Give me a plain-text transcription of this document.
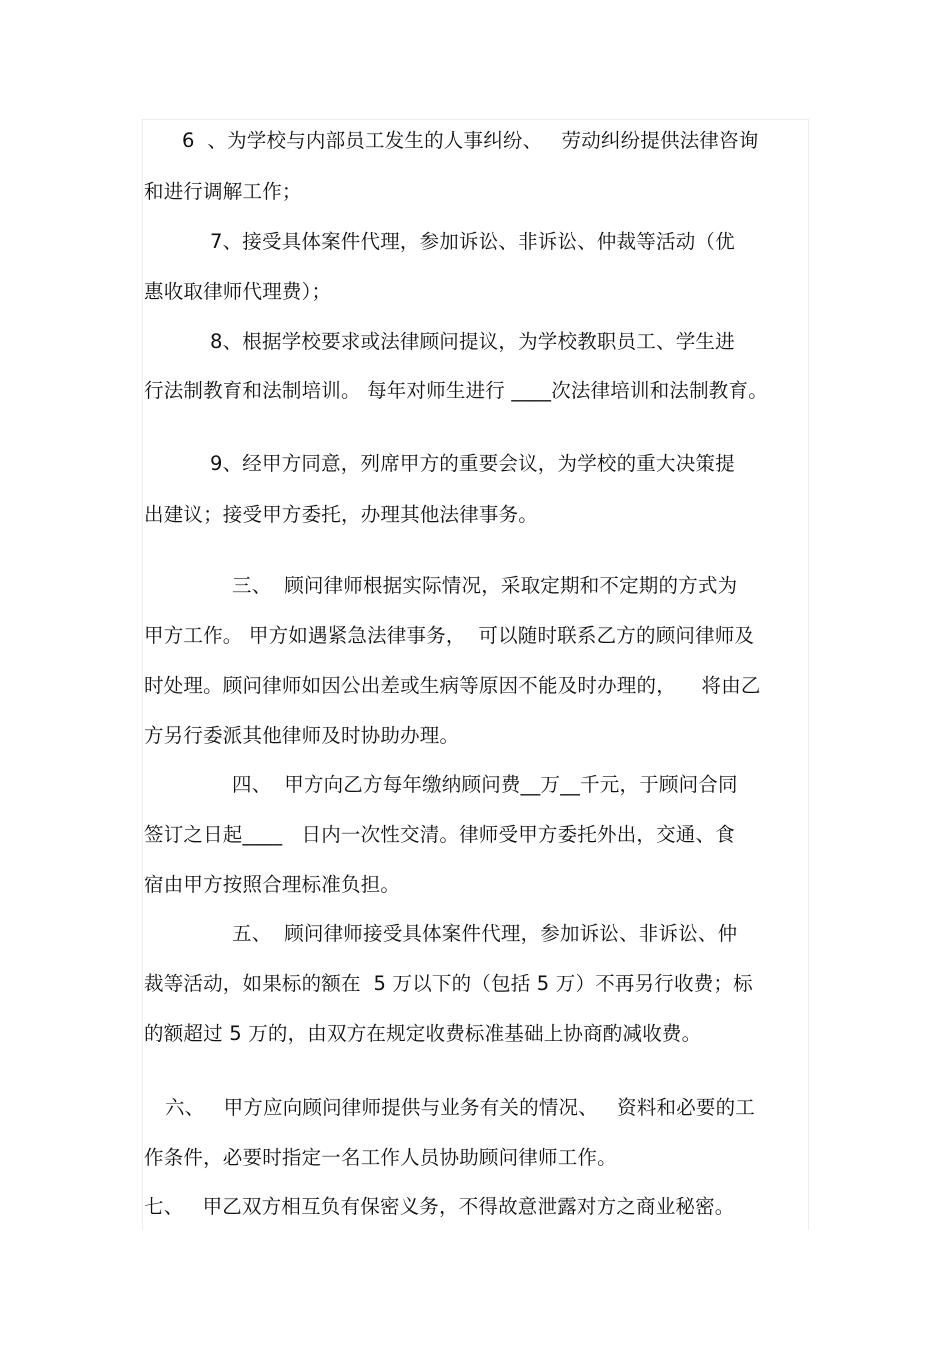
6  、为学校与内部员工发生的人事纠纷、   劳动纠纷提供法律咨询

和进行调解工作；

7、接受具体案件代理，参加诉讼、非诉讼、仲裁等活动（优

惠收取律师代理费）；

8、根据学校要求或法律顾问提议，为学校教职员工、学生进

行法制教育和法制培训。 每年对师生进行 ____次法律培训和法制教育。

9、经甲方同意，列席甲方的重要会议，为学校的重大决策提

出建议；接受甲方委托，办理其他法律事务。

三、  顾问律师根据实际情况，采取定期和不定期的方式为

甲方工作。 甲方如遇紧急法律事务，  可以随时联系乙方的顾问律师及

时处理。顾问律师如因公出差或生病等原因不能及时办理的，    将由乙

方另行委派其他律师及时协助办理。

四、  甲方向乙方每年缴纳顾问费__万__千元，于顾问合同

签订之日起____   日内一次性交清。律师受甲方委托外出，交通、食

宿由甲方按照合理标准负担。

五、  顾问律师接受具体案件代理，参加诉讼、非诉讼、仲

裁等活动，如果标的额在  5 万以下的（包括 5 万）不再另行收费；标

的额超过 5 万的，由双方在规定收费标准基础上协商酌减收费。

六、   甲方应向顾问律师提供与业务有关的情况、   资料和必要的工

作条件，必要时指定一名工作人员协助顾问律师工作。

七、   甲乙双方相互负有保密义务，不得故意泄露对方之商业秘密。
